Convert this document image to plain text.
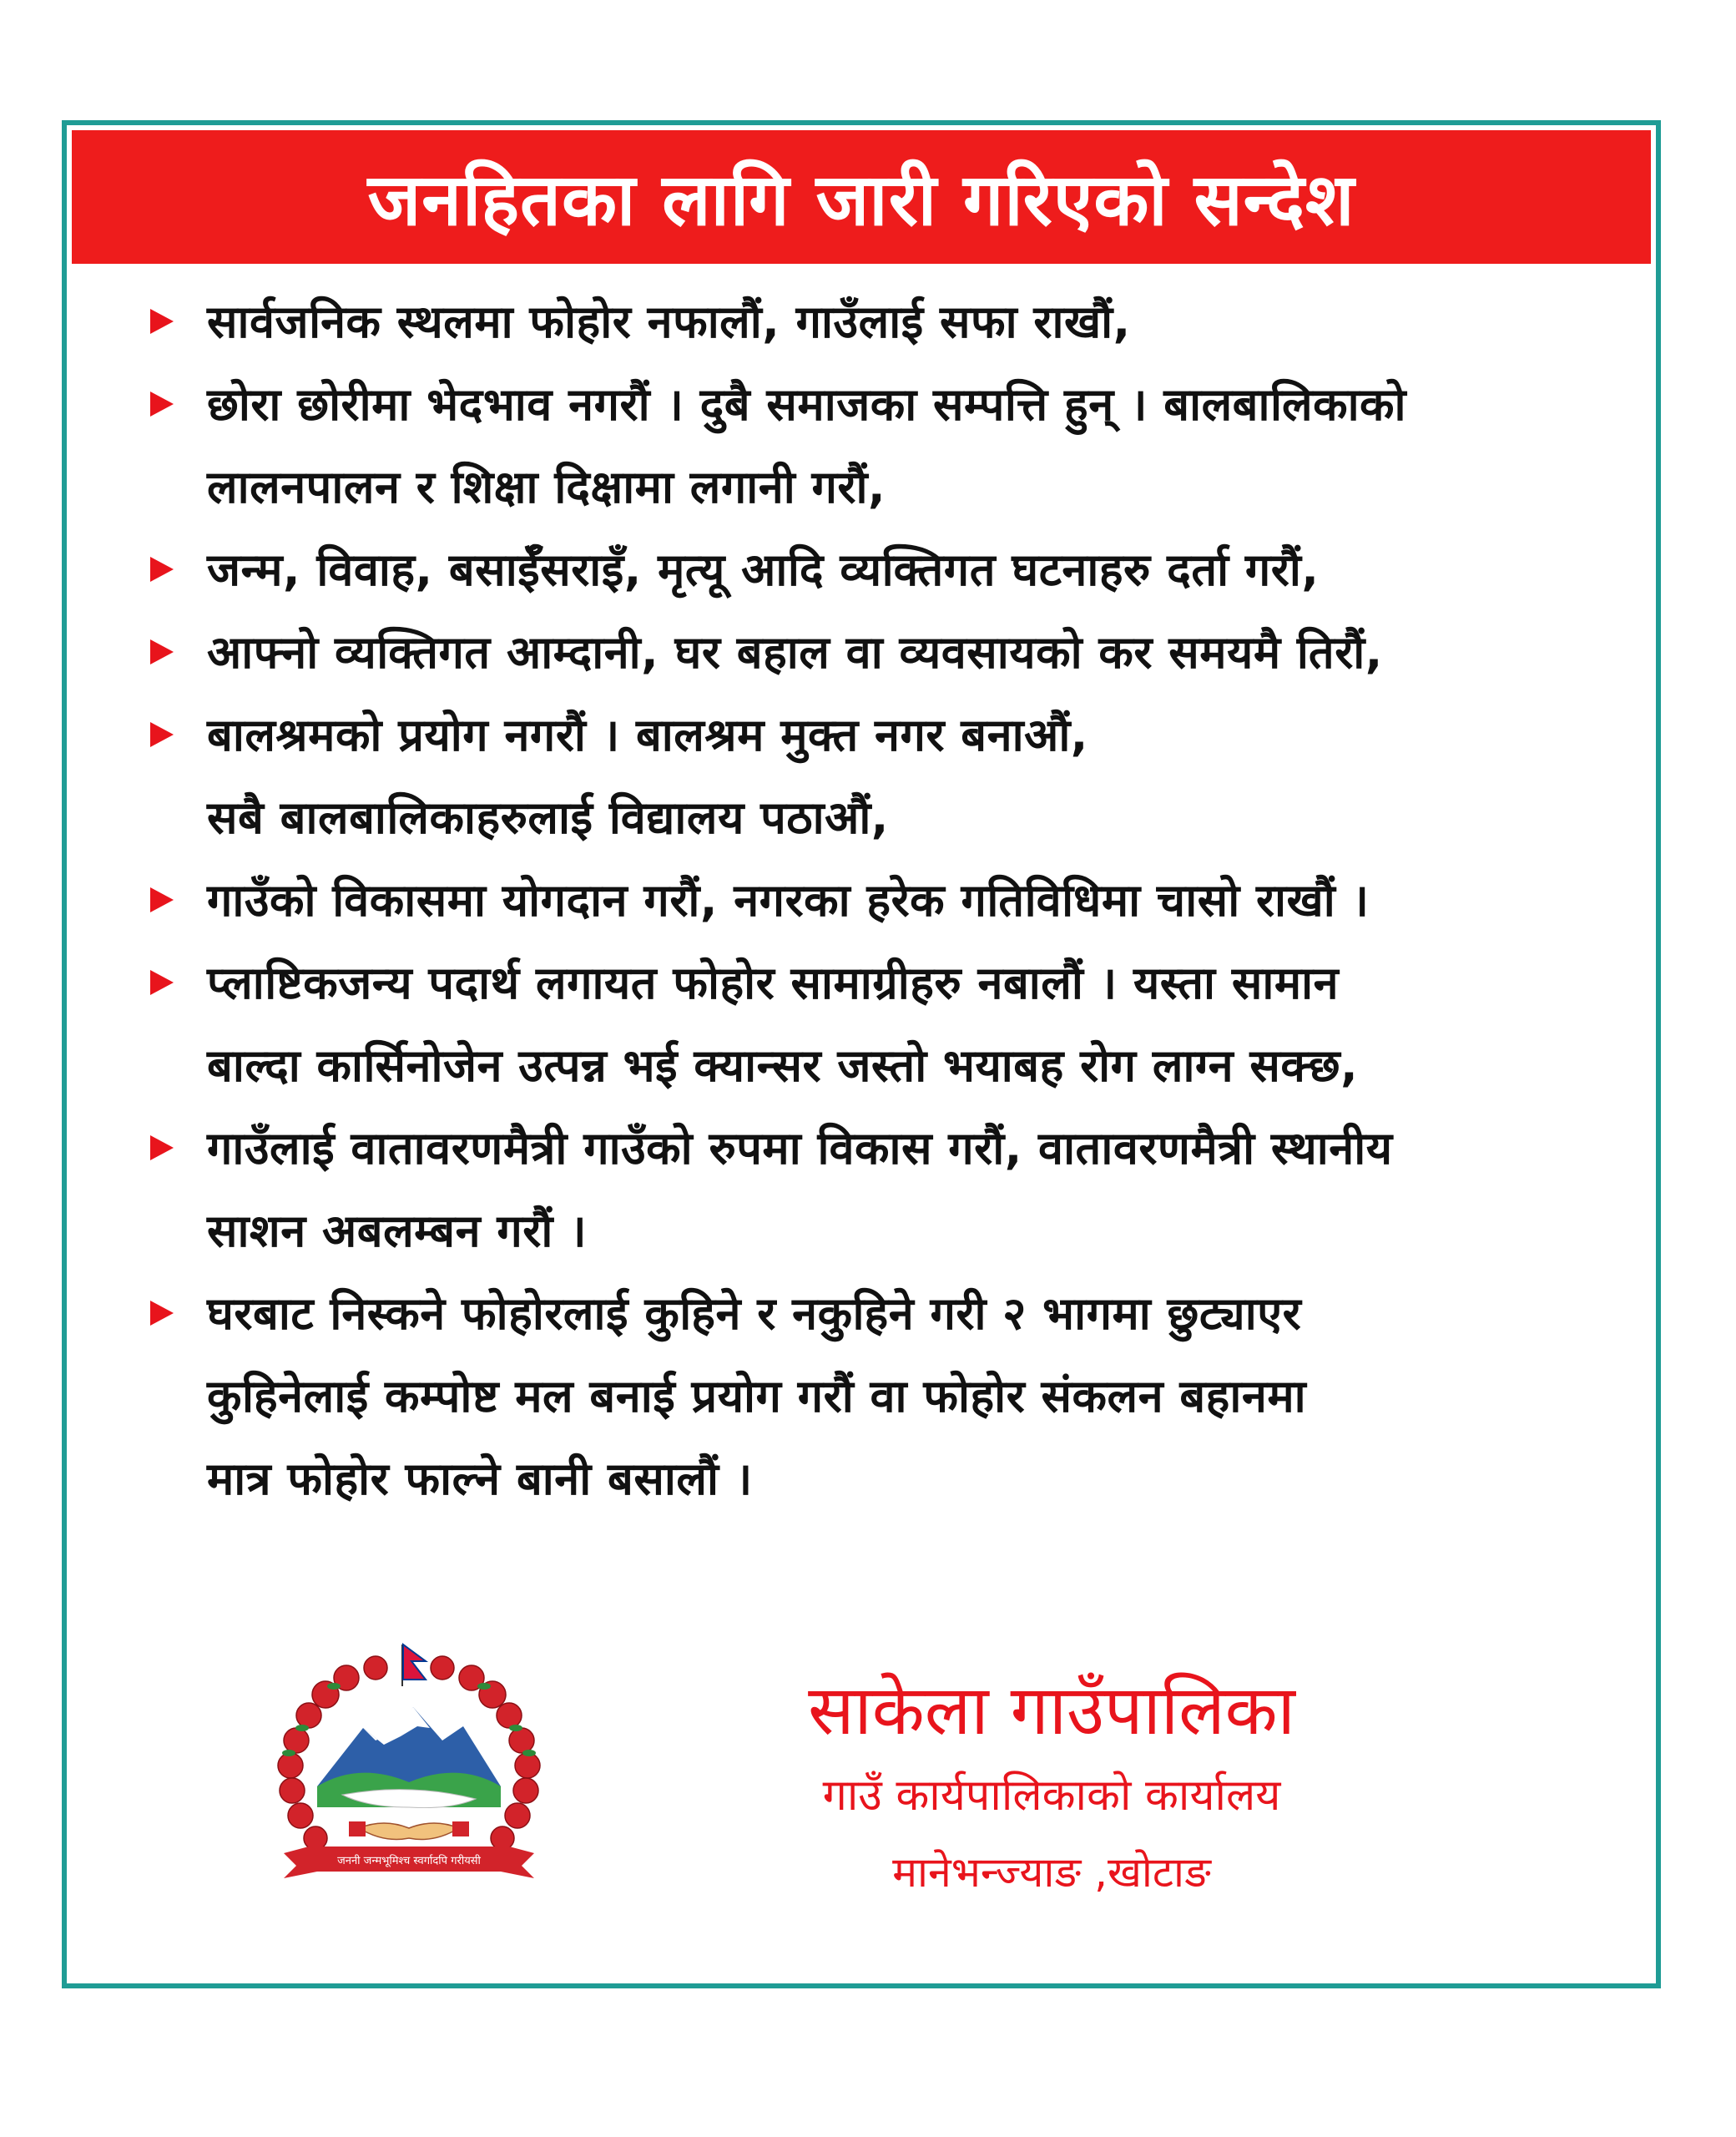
जनहितका लागि जारी गरिएको सन्देश
सार्वजनिक स्थलमा फोहोर नफालौं, गाउँलाई सफा राखौं,
छोरा छोरीमा भेदभाव नगरौं । दुबै समाजका सम्पत्ति हुन् । बालबालिकाको
लालनपालन र शिक्षा दिक्षामा लगानी गरौं,
जन्म, विवाह, बसाईँसराइँ, मृत्यू आदि व्यक्तिगत घटनाहरु दर्ता गरौं,
आफ्नो व्यक्तिगत आम्दानी, घर बहाल वा व्यवसायको कर समयमै तिरौं,
बालश्रमको प्रयोग नगरौं । बालश्रम मुक्त नगर बनाऔं,
सबै बालबालिकाहरुलाई विद्यालय पठाऔं,
गाउँको विकासमा योगदान गरौं, नगरका हरेक गतिविधिमा चासो राखौं ।
प्लाष्टिकजन्य पदार्थ लगायत फोहोर सामाग्रीहरु नबालौं । यस्ता सामान
बाल्दा कार्सिनोजेन उत्पन्न भई क्यान्सर जस्तो भयाबह रोग लाग्न सक्छ,
गाउँलाई वातावरणमैत्री गाउँको रुपमा विकास गरौं, वातावरणमैत्री स्थानीय
साशन अबलम्बन गरौं ।
घरबाट निस्कने फोहोरलाई कुहिने र नकुहिने गरी २ भागमा छुट्याएर
कुहिनेलाई कम्पोष्ट मल बनाई प्रयोग गरौं वा फोहोर संकलन बहानमा
मात्र फोहोर फाल्ने बानी बसालौं ।
जननी जन्मभूमिश्च स्वर्गादपि गरीयसी
साकेला गाउँपालिका
गाउँ कार्यपालिकाको कार्यालय
मानेभन्ज्याङ ,खोटाङ
